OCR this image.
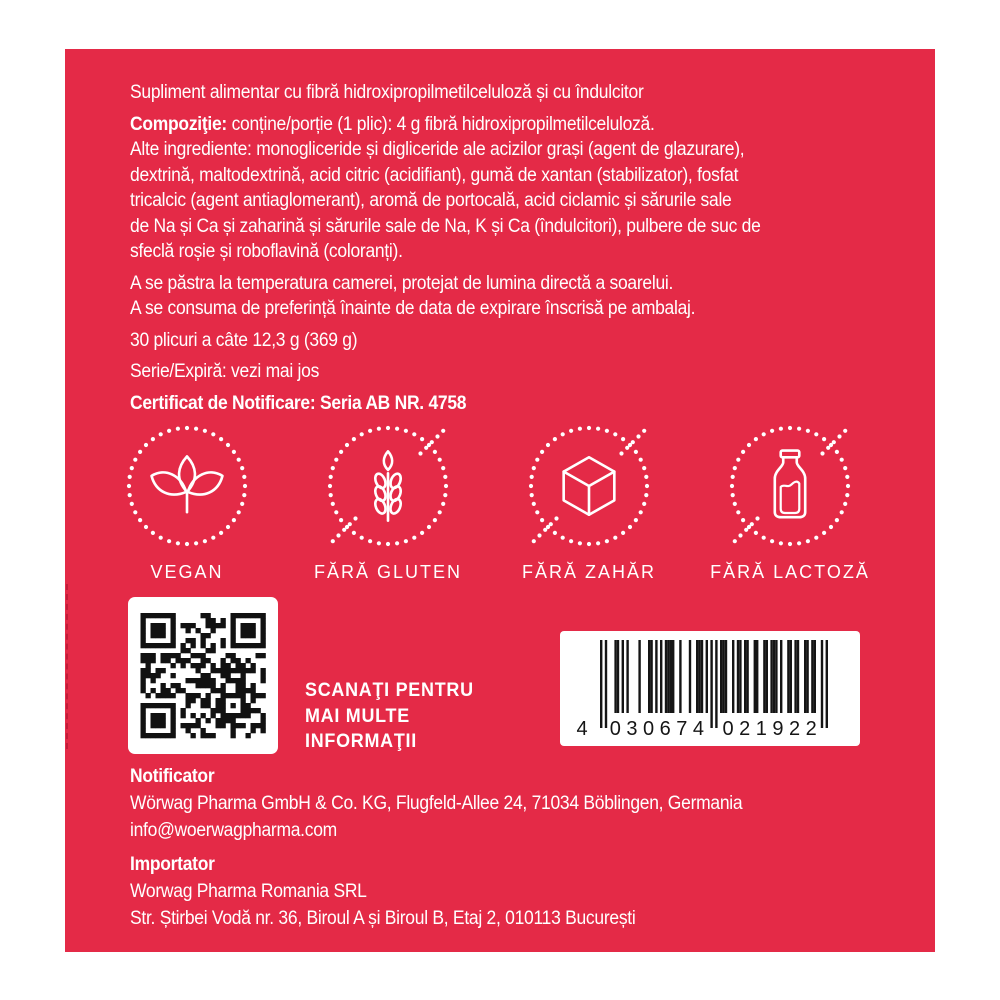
Supliment alimentar cu fibră hidroxipropilmetilceluloză și cu îndulcitor
Compoziţie: conține/porție (1 plic): 4 g fibră hidroxipropilmetilceluloză.
Alte ingrediente: monogliceride și digliceride ale acizilor grași (agent de glazurare),
dextrină, maltodextrină, acid citric (acidifiant), gumă de xantan (stabilizator), fosfat
tricalcic (agent antiaglomerant), aromă de portocală, acid ciclamic și sărurile sale
de Na și Ca și zaharină și sărurile sale de Na, K și Ca (îndulcitori), pulbere de suc de
sfeclă roșie și roboflavină (coloranți).
A se păstra la temperatura camerei, protejat de lumina directă a soarelui.
A se consuma de preferință înainte de data de expirare înscrisă pe ambalaj.
30 plicuri a câte 12,3 g (369 g)
Serie/Expiră: vezi mai jos
Certificat de Notificare: Seria AB NR. 4758
VEGAN	FĂRĂ GLUTEN	FĂRĂ ZAHĂR	FĂRĂ LACTOZĂ
SCANAŢI PENTRU
MAI MULTE
INFORMAŢII
4 030674 021922
Notificator
Wörwag Pharma GmbH & Co. KG, Flugfeld-Allee 24, 71034 Böblingen, Germania
info@woerwagpharma.com
Importator
Worwag Pharma Romania SRL
Str. Știrbei Vodă nr. 36, Biroul A și Biroul B, Etaj 2, 010113 București
